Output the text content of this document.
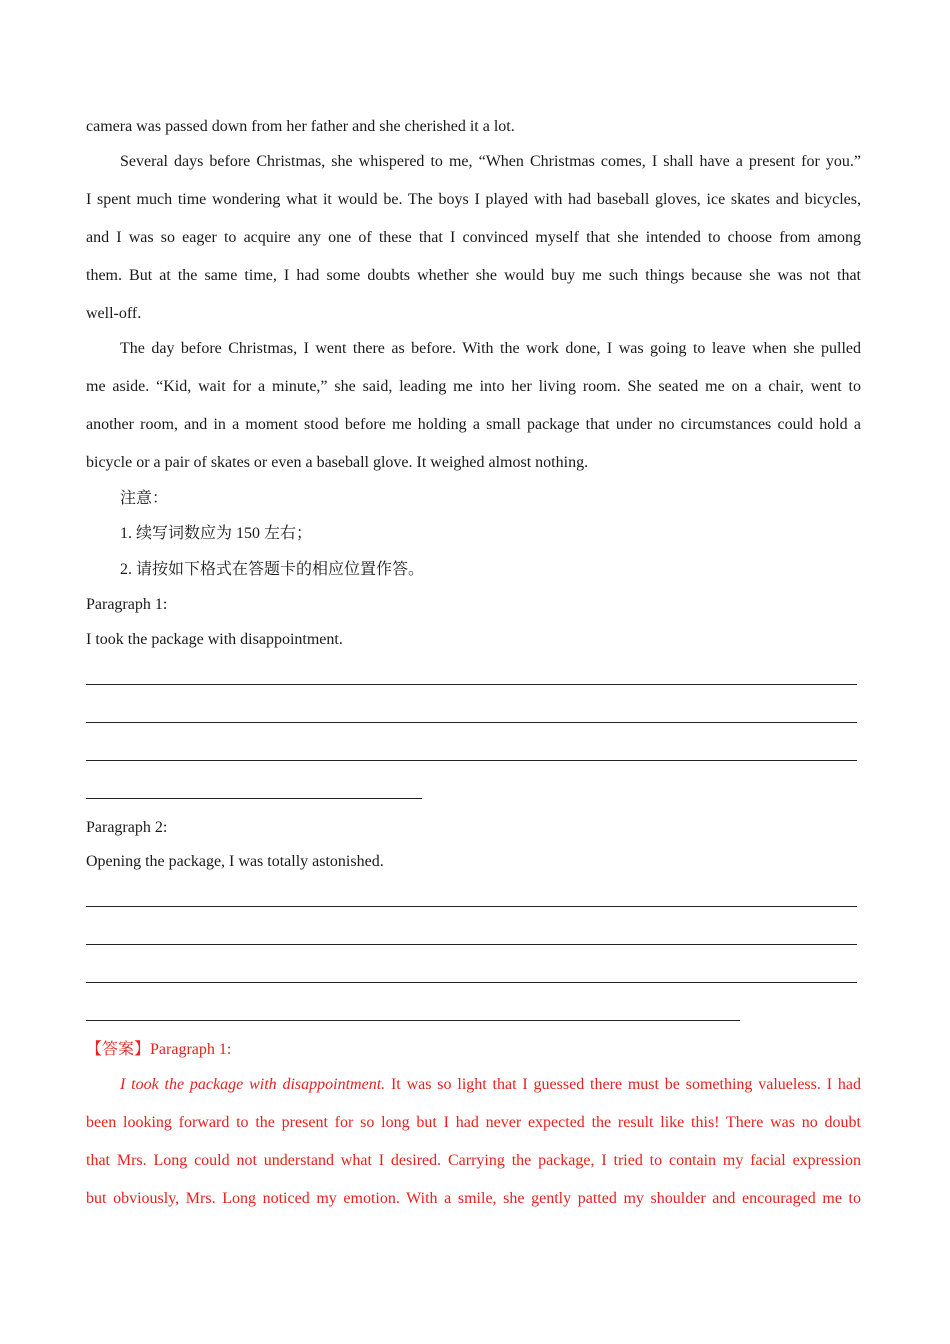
camera was passed down from her father and she cherished it a lot.
Several days before Christmas, she whispered to me, “When Christmas comes, I shall have a present for you.”
I spent much time wondering what it would be. The boys I played with had baseball gloves, ice skates and bicycles,
and I was so eager to acquire any one of these that I convinced myself that she intended to choose from among
them. But at the same time, I had some doubts whether she would buy me such things because she was not that
well-off.
The day before Christmas, I went there as before. With the work done, I was going to leave when she pulled
me aside. “Kid, wait for a minute,” she said, leading me into her living room. She seated me on a chair, went to
another room, and in a moment stood before me holding a small package that under no circumstances could hold a
bicycle or a pair of skates or even a baseball glove. It weighed almost nothing.
注意：
1. 续写词数应为 150 左右；
2. 请按如下格式在答题卡的相应位置作答。
Paragraph 1:
I took the package with disappointment.
Paragraph 2:
Opening the package, I was totally astonished.
【答案】Paragraph 1:
I took the package with disappointment. It was so light that I guessed there must be something valueless. I had
been looking forward to the present for so long but I had never expected the result like this! There was no doubt
that Mrs. Long could not understand what I desired. Carrying the package, I tried to contain my facial expression
but obviously, Mrs. Long noticed my emotion. With a smile, she gently patted my shoulder and encouraged me to
